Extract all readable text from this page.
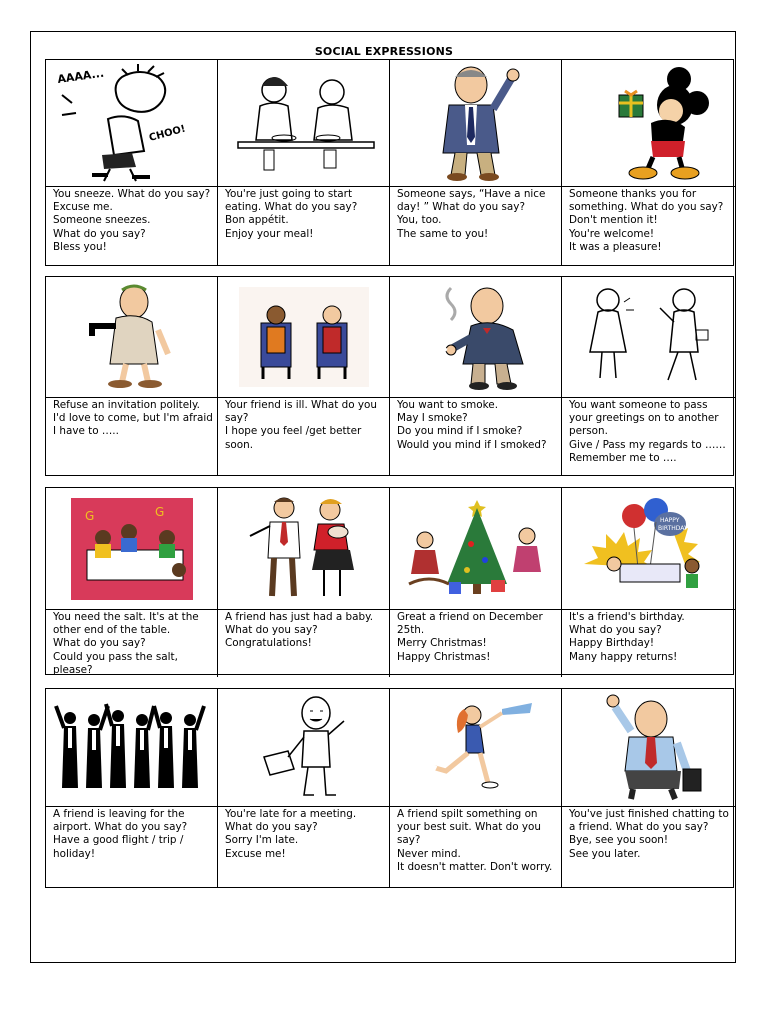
SOCIAL EXPRESSIONS
AAAA...
CHOO!
You sneeze. What do you say?
Excuse me.
Someone sneezes.
What do you say?
Bless you!
You're just going to start eating. What do you say?
Bon appétit.
Enjoy your meal!
Someone says, “Have a nice day! ” What do you say?
You, too.
The same to you!
Someone thanks you for something. What do you say?
Don't mention it!
You're welcome!
It was a pleasure!
Refuse an invitation politely.
I'd love to come, but I'm afraid I have to …..
Your friend is ill. What do you say?
I hope you feel /get better soon.
You want to smoke.
May I smoke?
Do you mind if I smoke?
Would you mind if I smoked?
You want someone to pass your greetings on to another person.
Give / Pass my regards to ……
Remember me to ….
G	G
You need the salt. It's at the other end of the table.
What do you say?
Could you pass the salt, please?
A friend has just had a baby. What do you say?
Congratulations!
Great a friend on December 25th.
Merry Christmas!
Happy Christmas!
HAPPY
BIRTHDAY
It's a friend's birthday.
What do you say?
Happy Birthday!
Many happy returns!
A friend is leaving for the airport. What do you say?
Have a good flight / trip / holiday!
You're late for a meeting.
What do you say?
Sorry I'm late.
Excuse me!
A friend spilt something on your best suit. What do you say?
Never mind.
It doesn't matter. Don't worry.
You've just finished chatting to a friend. What do you say?
Bye, see you soon!
See you later.
